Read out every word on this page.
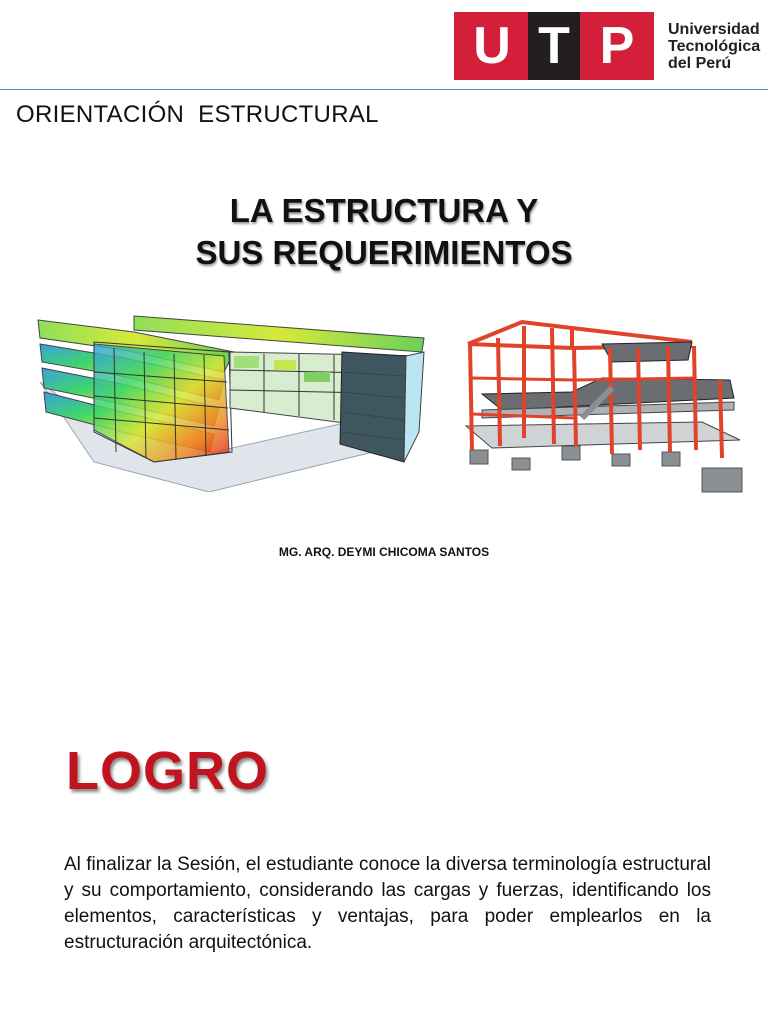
U T P	Universidad
Tecnológica
del Perú
ORIENTACIÓN  ESTRUCTURAL
LA ESTRUCTURA Y
SUS REQUERIMIENTOS
MG. ARQ. DEYMI CHICOMA SANTOS
LOGRO
Al finalizar la Sesión, el estudiante conoce la diversa terminología estructural y su comportamiento, considerando las cargas y fuerzas, identificando los elementos, características y ventajas, para poder emplearlos en la estructuración arquitectónica.
